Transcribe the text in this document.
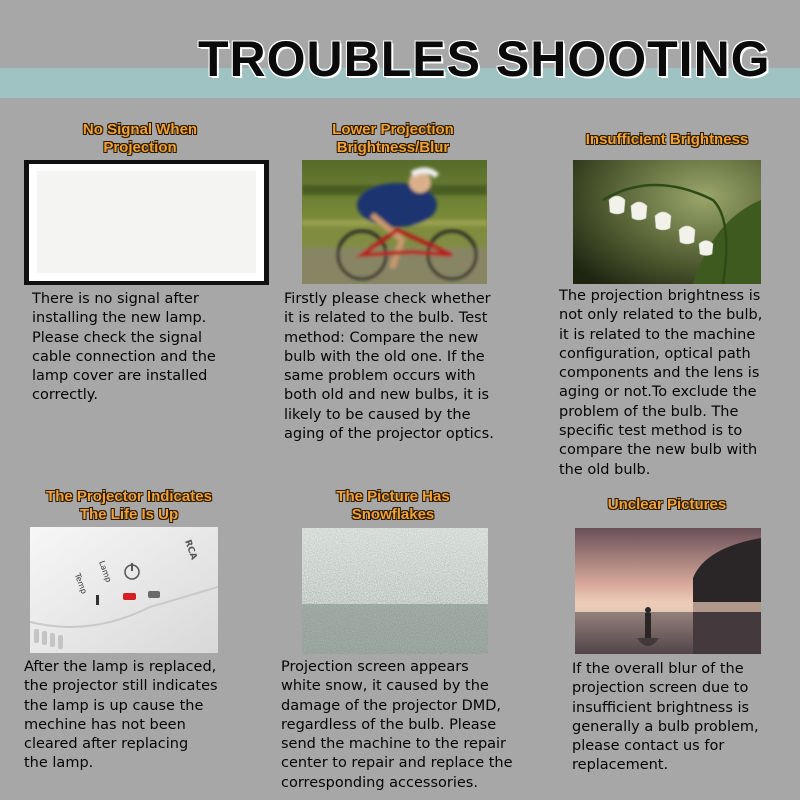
TROUBLES SHOOTING
No Signal When
Projection
There is no signal after
installing the new lamp.
Please check the signal
cable connection and the
lamp cover are installed
correctly.
Lower Projection
Brightness/Blur
Firstly please check whether
it is related to the bulb. Test
method: Compare the new
bulb with the old one. If the
same problem occurs with
both old and new bulbs, it is
likely to be caused by the
aging of the projector optics.
Insufficient Brightness
The projection brightness is
not only related to the bulb,
it is related to the machine
configuration, optical path
components and the lens is
aging or not.To exclude the
problem of the bulb. The
specific test method is to
compare the new bulb with
the old bulb.
The Projector Indicates
The Life Is Up
Lamp
Temp
RCA
After the lamp is replaced,
the projector still indicates
the lamp is up cause the
mechine has not been
cleared after replacing
the lamp.
The Picture Has
Snowflakes
Projection screen appears
white snow, it caused by the
damage of the projector DMD,
regardless of the bulb. Please
send the machine to the repair
center to repair and replace the
corresponding accessories.
Unclear Pictures
If the overall blur of the
projection screen due to
insufficient brightness is
generally a bulb problem,
please contact us for
replacement.
